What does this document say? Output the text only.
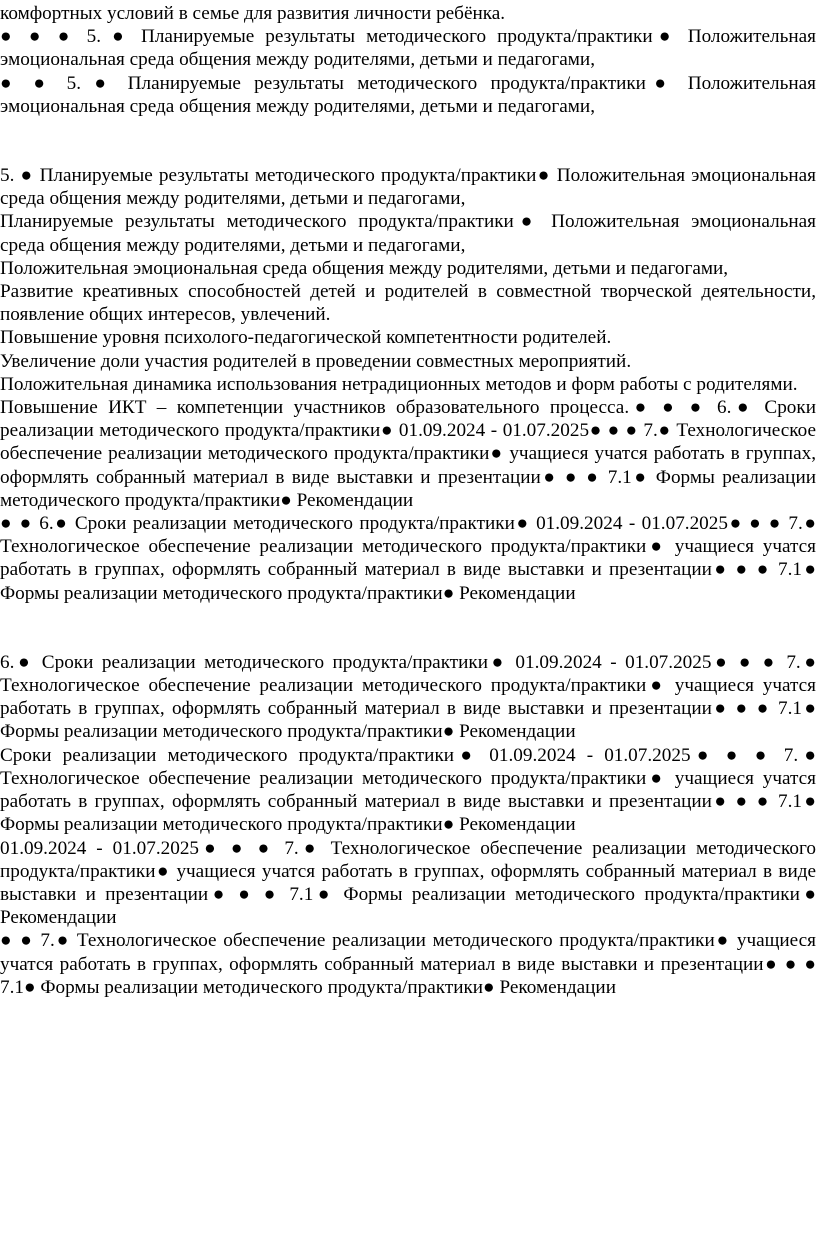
комфортных условий в семье для развития личности ребёнка.

● ● ● 5. ● Планируемые результаты методического продукта/практики● Положительная эмоциональная среда общения между родителями, детьми и педагогами,

● ● 5. ● Планируемые результаты методического продукта/практики● Положительная эмоциональная среда общения между родителями, детьми и педагогами,

5. ● Планируемые результаты методического продукта/практики● Положительная эмоциональная среда общения между родителями, детьми и педагогами,

Планируемые результаты методического продукта/практики● Положительная эмоциональная среда общения между родителями, детьми и педагогами,

Положительная эмоциональная среда общения между родителями, детьми и педагогами,

Развитие креативных способностей детей и родителей в совместной творческой деятельности, появление общих интересов, увлечений.

Повышение уровня психолого-педагогической компетентности родителей.

Увеличение доли участия родителей в проведении совместных мероприятий.

Положительная динамика использования нетрадиционных методов и форм работы с родителями.

Повышение ИКТ – компетенции участников образовательного процесса.● ● ● 6.● Сроки реализации методического продукта/практики● 01.09.2024 - 01.07.2025● ● ● 7.● Технологическое обеспечение реализации методического продукта/практики● учащиеся учатся работать в группах, оформлять собранный материал в виде выставки и презентации● ● ● 7.1● Формы реализации методического продукта/практики● Рекомендации

● ● 6.● Сроки реализации методического продукта/практики● 01.09.2024 - 01.07.2025● ● ● 7.● Технологическое обеспечение реализации методического продукта/практики● учащиеся учатся работать в группах, оформлять собранный материал в виде выставки и презентации● ● ● 7.1● Формы реализации методического продукта/практики● Рекомендации

6.● Сроки реализации методического продукта/практики● 01.09.2024 - 01.07.2025● ● ● 7.● Технологическое обеспечение реализации методического продукта/практики● учащиеся учатся работать в группах, оформлять собранный материал в виде выставки и презентации● ● ● 7.1● Формы реализации методического продукта/практики● Рекомендации

Сроки реализации методического продукта/практики● 01.09.2024 - 01.07.2025● ● ● 7.● Технологическое обеспечение реализации методического продукта/практики● учащиеся учатся работать в группах, оформлять собранный материал в виде выставки и презентации● ● ● 7.1● Формы реализации методического продукта/практики● Рекомендации

01.09.2024 - 01.07.2025● ● ● 7.● Технологическое обеспечение реализации методического продукта/практики● учащиеся учатся работать в группах, оформлять собранный материал в виде выставки и презентации● ● ● 7.1● Формы реализации методического продукта/практики● Рекомендации

● ● 7.● Технологическое обеспечение реализации методического продукта/практики● учащиеся учатся работать в группах, оформлять собранный материал в виде выставки и презентации● ● ● 7.1● Формы реализации методического продукта/практики● Рекомендации
